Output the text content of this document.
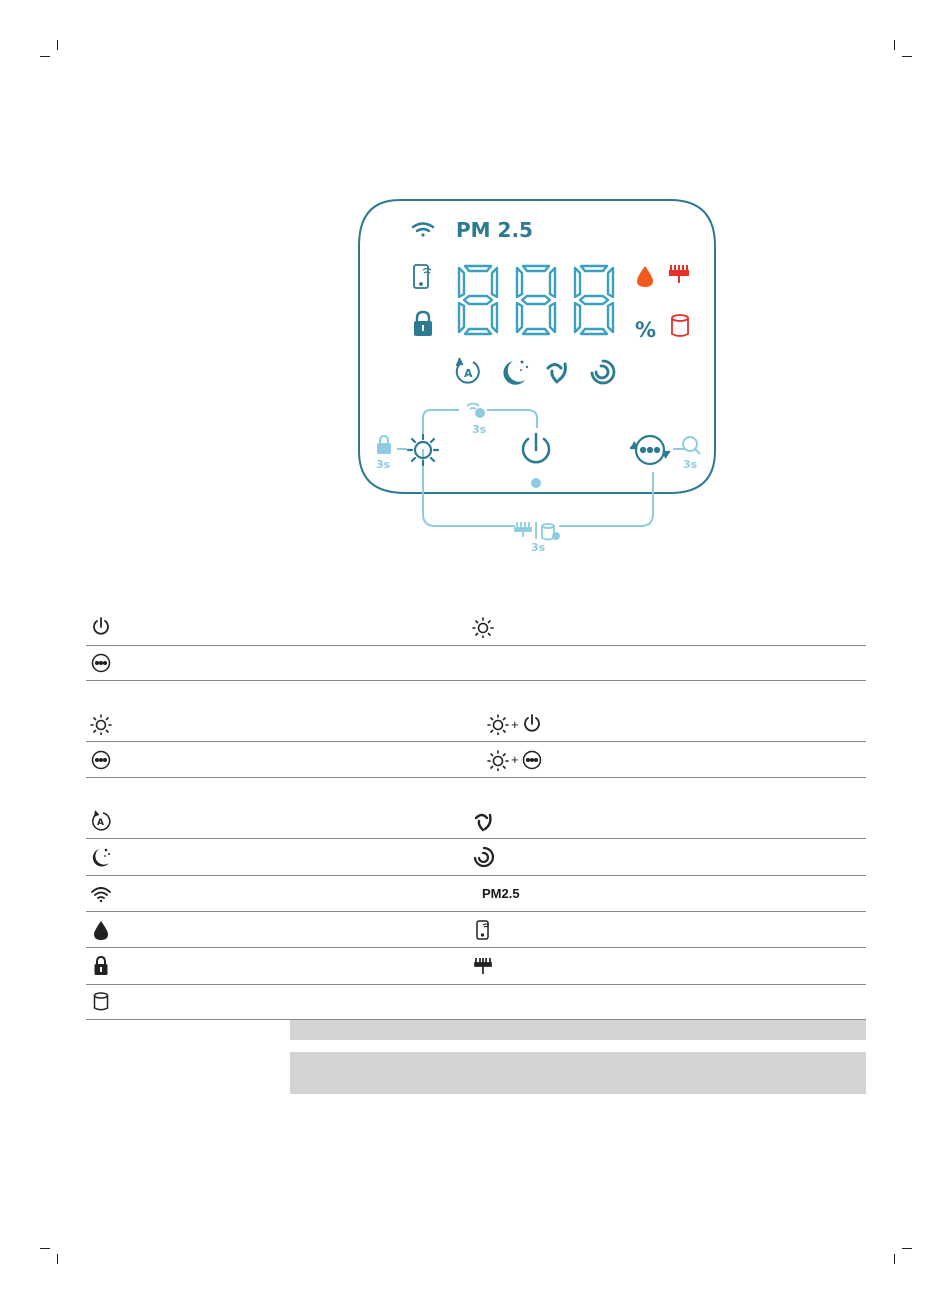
%
A
PM 2.5
3s
3s	3s
3s
+
+
A
PM2.5
